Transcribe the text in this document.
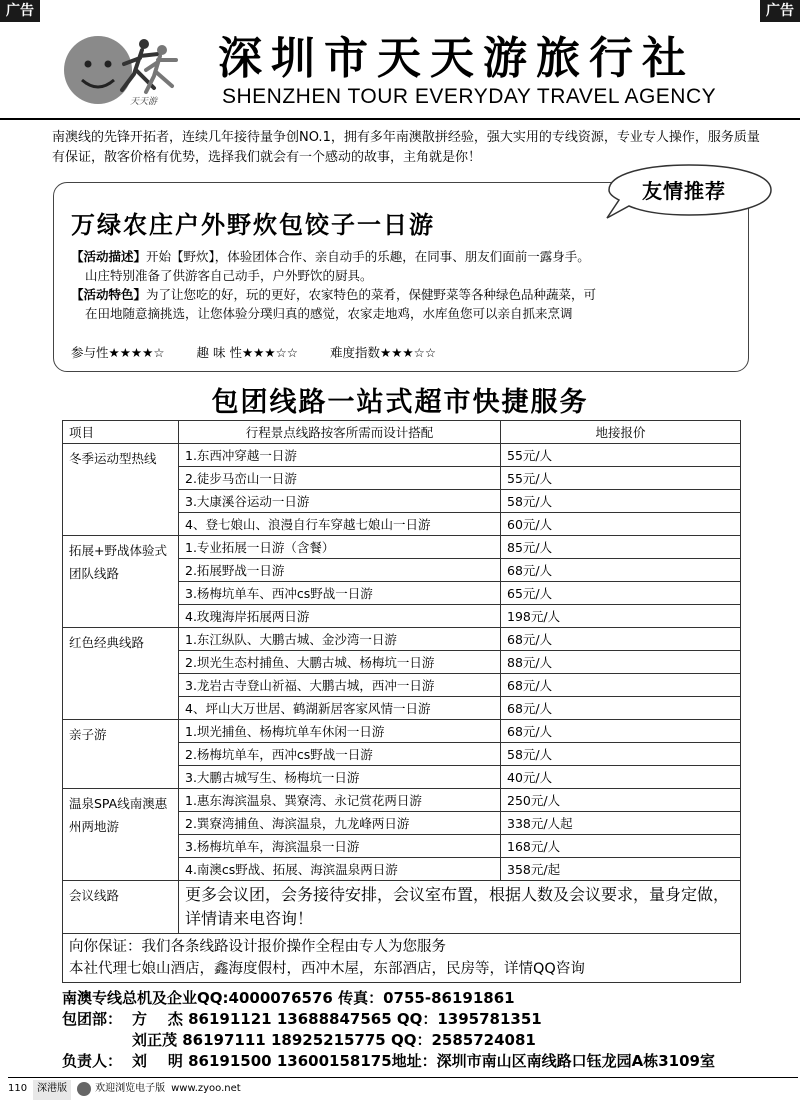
广告	广告
天天游
深圳市天天游旅行社
SHENZHEN TOUR EVERYDAY TRAVEL AGENCY
南澳线的先锋开拓者，连续几年接待量争创NO.1，拥有多年南澳散拼经验，强大实用的专线资源，专业专人操作，服务质量有保证，散客价格有优势，选择我们就会有一个感动的故事，主角就是你！
万绿农庄户外野炊包饺子一日游
【活动描述】开始【野炊】，体验团体合作、亲自动手的乐趣，在同事、朋友们面前一露身手。
山庄特别准备了供游客自己动手，户外野饮的厨具。
【活动特色】为了让您吃的好，玩的更好，农家特色的菜肴，保健野菜等各种绿色品种蔬菜，可
在田地随意摘挑选，让您体验分璞归真的感觉，农家走地鸡，水库鱼您可以亲自抓来烹调
参与性★★★★☆	趣 味 性★★★☆☆	难度指数★★★☆☆
友情推荐
包团线路一站式超市快捷服务
项目	行程景点线路按客所需而设计搭配	地接报价
冬季运动型热线	1.东西冲穿越一日游	55元/人
	2.徒步马峦山一日游	55元/人
	3.大康溪谷运动一日游	58元/人
	4、登七娘山、浪漫自行车穿越七娘山一日游	60元/人
拓展+野战体验式团队线路	1.专业拓展一日游（含餐）	85元/人
	2.拓展野战一日游	68元/人
	3.杨梅坑单车、西冲cs野战一日游	65元/人
	4.玫瑰海岸拓展两日游	198元/人
红色经典线路	1.东江纵队、大鹏古城、金沙湾一日游	68元/人
	2.坝光生态村捕鱼、大鹏古城、杨梅坑一日游	88元/人
	3.龙岩古寺登山祈福、大鹏古城，西冲一日游	68元/人
	4、坪山大万世居、鹤湖新居客家风情一日游	68元/人
亲子游	1.坝光捕鱼、杨梅坑单车休闲一日游	68元/人
	2.杨梅坑单车，西冲cs野战一日游	58元/人
	3.大鹏古城写生、杨梅坑一日游	40元/人
温泉SPA线南澳惠州两地游	1.惠东海滨温泉、巽寮湾、永记赏花两日游	250元/人
	2.巽寮湾捕鱼、海滨温泉，九龙峰两日游	338元/人起
	3.杨梅坑单车，海滨温泉一日游	168元/人
	4.南澳cs野战、拓展、海滨温泉两日游	358元/起
会议线路	更多会议团，会务接待安排，会议室布置，根据人数及会议要求，量身定做，详情请来电咨询！	

向你保证：我们各条线路设计报价操作全程由专人为您服务
本社代理七娘山酒店，鑫海度假村，西冲木屋，东部酒店，民房等，详情QQ咨询		
南澳专线总机及企业QQ:4000076576 传真：0755-86191861
包团部： 方    杰 86191121 13688847565 QQ：1395781351
刘正茂 86197111 18925215775 QQ：2585724081
负责人： 刘    明 86191500 13600158175地址：深圳市南山区南线路口钰龙园A栋3109室
110	深港版	欢迎浏览电子版 www.zyoo.net
